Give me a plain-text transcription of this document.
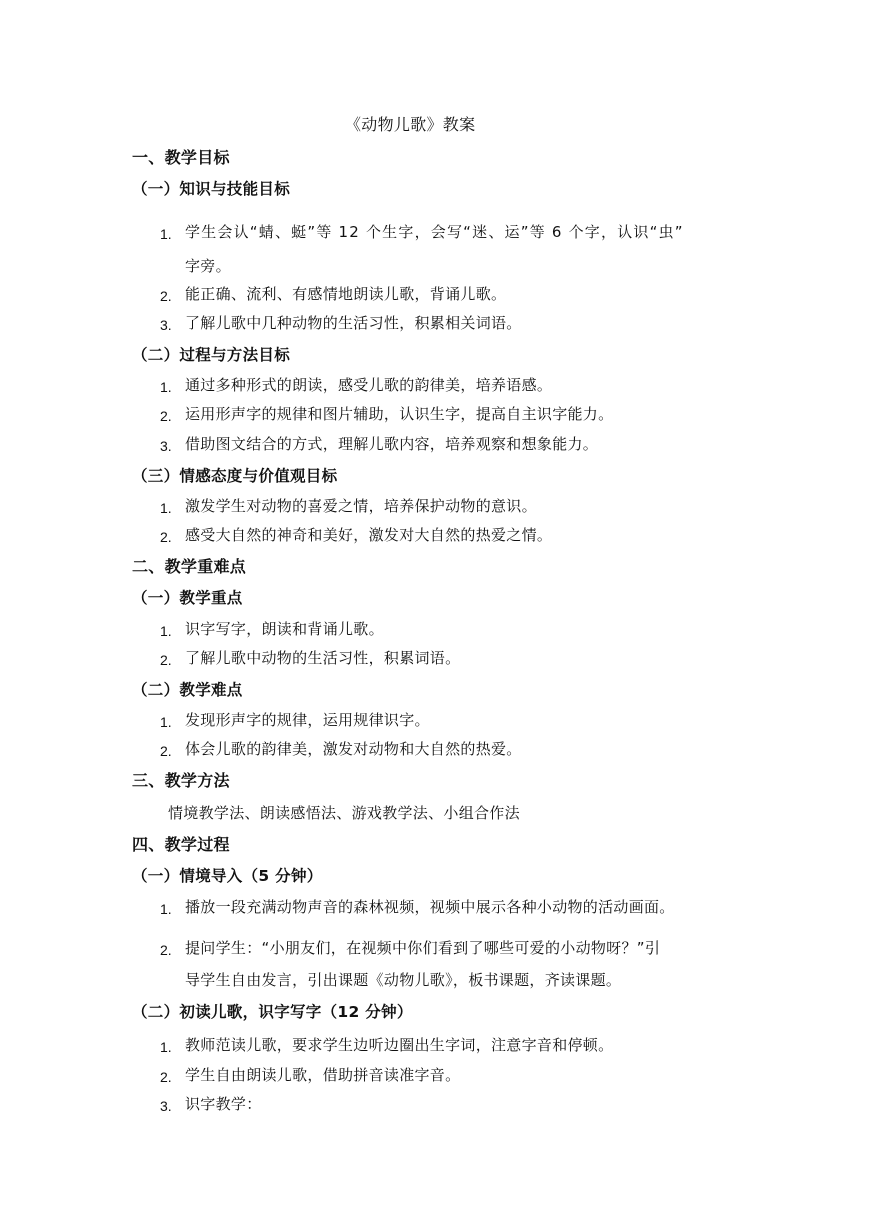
《动物儿歌》教案
一、教学目标
（一）知识与技能目标
1. 学生会认“蜻、蜓”等 12 个生字，会写“迷、运”等 6 个字，认识“虫”
字旁。
2. 能正确、流利、有感情地朗读儿歌，背诵儿歌。
3. 了解儿歌中几种动物的生活习性，积累相关词语。
（二）过程与方法目标
1. 通过多种形式的朗读，感受儿歌的韵律美，培养语感。
2. 运用形声字的规律和图片辅助，认识生字，提高自主识字能力。
3. 借助图文结合的方式，理解儿歌内容，培养观察和想象能力。
（三）情感态度与价值观目标
1. 激发学生对动物的喜爱之情，培养保护动物的意识。
2. 感受大自然的神奇和美好，激发对大自然的热爱之情。
二、教学重难点
（一）教学重点
1. 识字写字，朗读和背诵儿歌。
2. 了解儿歌中动物的生活习性，积累词语。
（二）教学难点
1. 发现形声字的规律，运用规律识字。
2. 体会儿歌的韵律美，激发对动物和大自然的热爱。
三、教学方法
情境教学法、朗读感悟法、游戏教学法、小组合作法
四、教学过程
（一）情境导入（5 分钟）
1. 播放一段充满动物声音的森林视频，视频中展示各种小动物的活动画面。
2. 提问学生：“小朋友们，在视频中你们看到了哪些可爱的小动物呀？”引
导学生自由发言，引出课题《动物儿歌》，板书课题，齐读课题。
（二）初读儿歌，识字写字（12 分钟）
1. 教师范读儿歌，要求学生边听边圈出生字词，注意字音和停顿。
2. 学生自由朗读儿歌，借助拼音读准字音。
3. 识字教学：
